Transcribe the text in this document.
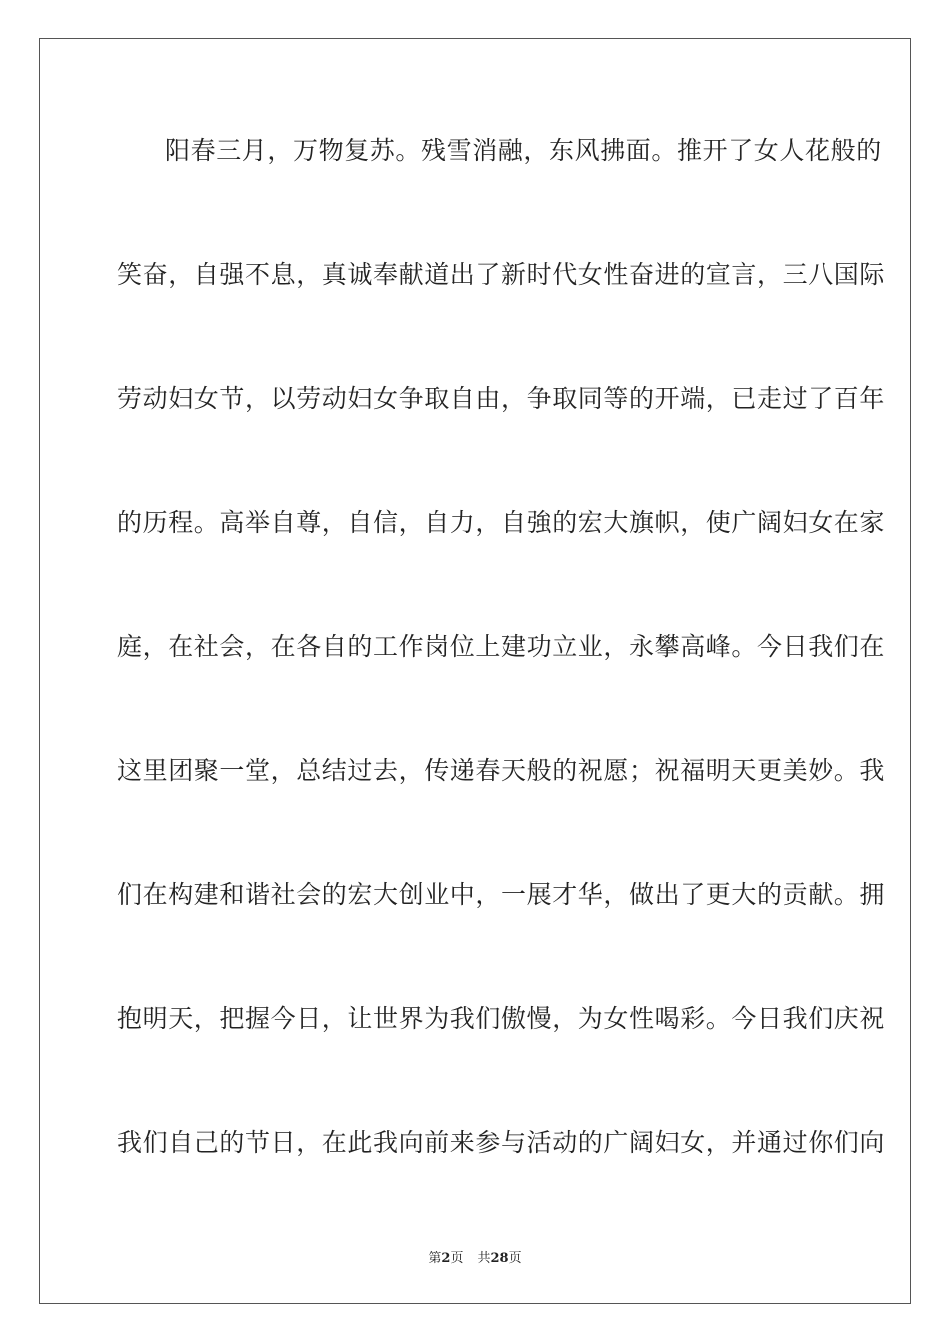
阳春三月，万物复苏。残雪消融，东风拂面。推开了女人花般的
笑奋，自强不息，真诚奉献道出了新时代女性奋进的宣言，三八国际
劳动妇女节，以劳动妇女争取自由，争取同等的开端，已走过了百年
的历程。高举自尊，自信，自力，自強的宏大旗帜，使广阔妇女在家
庭，在社会，在各自的工作岗位上建功立业，永攀高峰。今日我们在
这里团聚一堂，总结过去，传递春天般的祝愿；祝福明天更美妙。我
们在构建和谐社会的宏大创业中，一展才华，做出了更大的贡献。拥
抱明天，把握今日，让世界为我们傲慢，为女性喝彩。今日我们庆祝
我们自己的节日，在此我向前来参与活动的广阔妇女，并通过你们向
第2页 共28页
